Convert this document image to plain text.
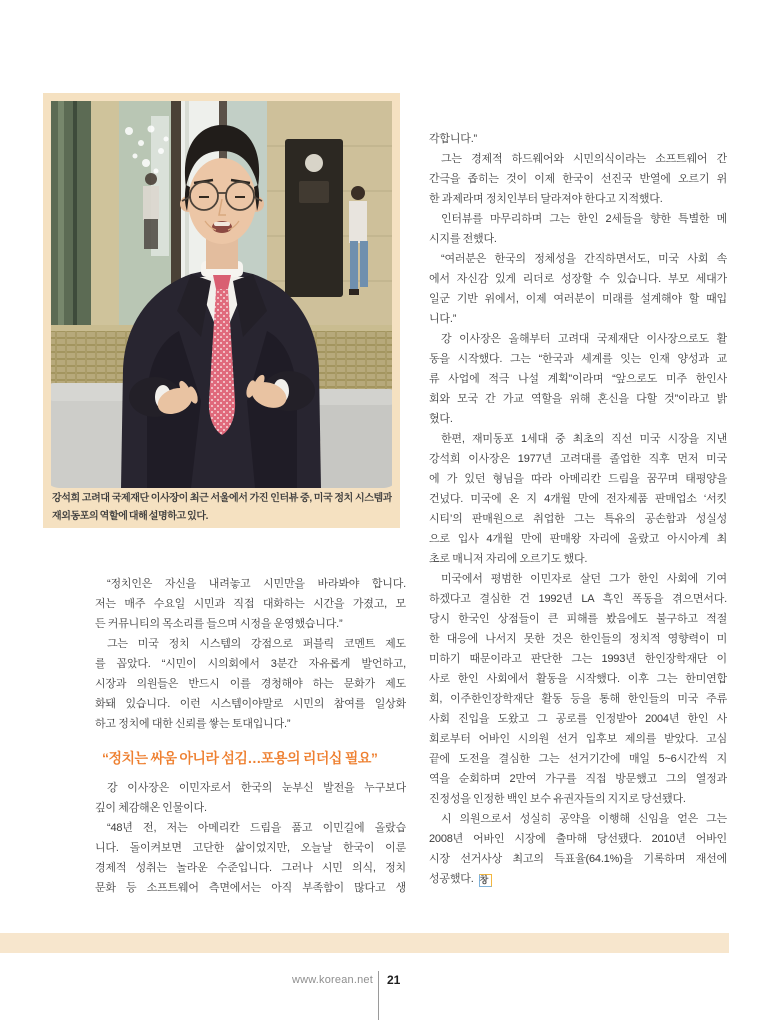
강석희 고려대 국제재단 이사장이 최근 서울에서 가진 인터뷰 중, 미국 정치 시스템과
재외동포의 역할에 대해 설명하고 있다.
“정치인은 자신을 내려놓고 시민만을 바라봐야 합니다.
저는 매주 수요일 시민과 직접 대화하는 시간을 가졌고, 모
든 커뮤니티의 목소리를 들으며 시정을 운영했습니다.”
그는 미국 정치 시스템의 강점으로 퍼블릭 코멘트 제도
를 꼽았다. “시민이 시의회에서 3분간 자유롭게 발언하고,
시장과 의원들은 반드시 이를 경청해야 하는 문화가 제도
화돼 있습니다. 이런 시스템이야말로 시민의 참여를 일상화
하고 정치에 대한 신뢰를 쌓는 토대입니다.”
“정치는 싸움 아니라 섬김…포용의 리더십 필요”
강 이사장은 이민자로서 한국의 눈부신 발전을 누구보다
깊이 체감해온 인물이다.
“48년 전, 저는 아메리칸 드림을 품고 이민길에 올랐습
니다. 돌이켜보면 고단한 삶이었지만, 오늘날 한국이 이룬
경제적 성취는 놀라운 수준입니다. 그러나 시민 의식, 정치
문화 등 소프트웨어 측면에서는 아직 부족함이 많다고 생
각합니다.”
그는 경제적 하드웨어와 시민의식이라는 소프트웨어 간
간극을 좁히는 것이 이제 한국이 선진국 반열에 오르기 위
한 과제라며 정치인부터 달라져야 한다고 지적했다.
인터뷰를 마무리하며 그는 한인 2세들을 향한 특별한 메
시지를 전했다.
“여러분은 한국의 정체성을 간직하면서도, 미국 사회 속
에서 자신감 있게 리더로 성장할 수 있습니다. 부모 세대가
일군 기반 위에서, 이제 여러분이 미래를 설계해야 할 때입
니다.”
강 이사장은 올해부터 고려대 국제재단 이사장으로도 활
동을 시작했다. 그는 “한국과 세계를 잇는 인재 양성과 교
류 사업에 적극 나설 계획”이라며 “앞으로도 미주 한인사
회와 모국 간 가교 역할을 위해 혼신을 다할 것”이라고 밝
혔다.
한편, 재미동포 1세대 중 최초의 직선 미국 시장을 지낸
강석희 이사장은 1977년 고려대를 졸업한 직후 먼저 미국
에 가 있던 형님을 따라 아메리칸 드림을 꿈꾸며 태평양을
건넜다. 미국에 온 지 4개월 만에 전자제품 판매업소 ‘서킷
시티’의 판매원으로 취업한 그는 특유의 공손함과 성실성
으로 입사 4개월 만에 판매왕 자리에 올랐고 아시아계 최
초로 매니저 자리에 오르기도 했다.
미국에서 평범한 이민자로 살던 그가 한인 사회에 기여
하겠다고 결심한 건 1992년 LA 흑인 폭동을 겪으면서다.
당시 한국인 상점들이 큰 피해를 봤음에도 불구하고 적절
한 대응에 나서지 못한 것은 한인들의 정치적 영향력이 미
미하기 때문이라고 판단한 그는 1993년 한인장학재단 이
사로 한인 사회에서 활동을 시작했다. 이후 그는 한미연합
회, 이주한인장학재단 활동 등을 통해 한인들의 미국 주류
사회 진입을 도왔고 그 공로를 인정받아 2004년 한인 사
회로부터 어바인 시의원 선거 입후보 제의를 받았다. 고심
끝에 도전을 결심한 그는 선거기간에 매일 5~6시간씩 지
역을 순회하며 2만여 가구를 직접 방문했고 그의 열정과
진정성을 인정한 백인 보수 유권자들의 지지로 당선됐다.
시 의원으로서 성실히 공약을 이행해 신임을 얻은 그는
2008년 어바인 시장에 출마해 당선됐다. 2010년 어바인
시장 선거사상 최고의 득표율(64.1%)을 기록하며 재선에
성공했다. 창
www.korean.net 21
